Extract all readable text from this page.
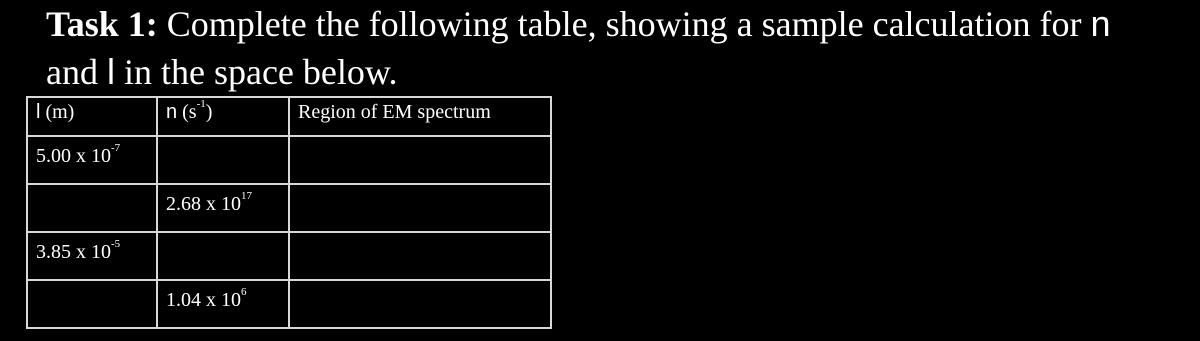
Task 1: Complete the following table, showing a sample calculation for n
and l in the space below.
l (m)	n $(s^{-1})$	Region of EM spectrum
5.00 x $10^{-7}$		
	2.68 x $10^{17}$	
3.85 x $10^{-5}$		
	1.04 x $10^6$	
